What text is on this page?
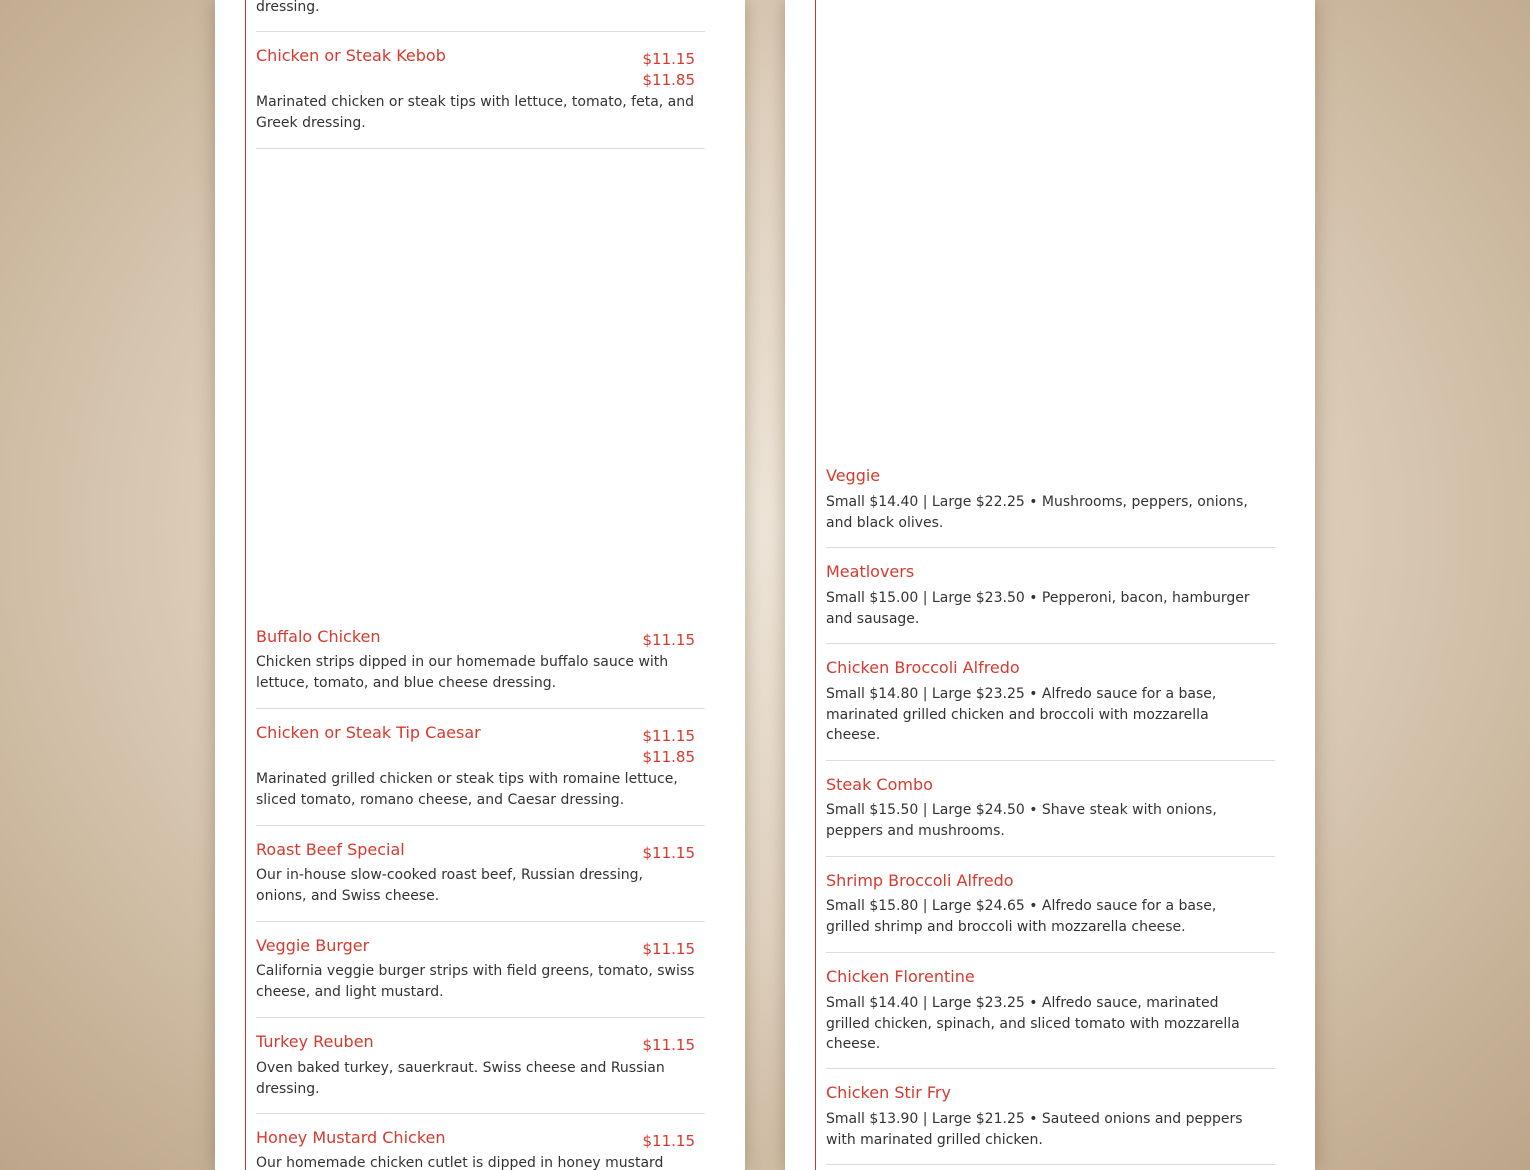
dressing.
Chicken or Steak Kebob	$11.15
$11.85
Marinated chicken or steak tips with lettuce, tomato, feta, and Greek dressing.
Buffalo Chicken	$11.15
Chicken strips dipped in our homemade buffalo sauce with lettuce, tomato, and blue cheese dressing.
Chicken or Steak Tip Caesar	$11.15
$11.85
Marinated grilled chicken or steak tips with romaine lettuce, sliced tomato, romano cheese, and Caesar dressing.
Roast Beef Special	$11.15
Our in-house slow-cooked roast beef, Russian dressing, onions, and Swiss cheese.
Veggie Burger	$11.15
California veggie burger strips with field greens, tomato, swiss cheese, and light mustard.
Turkey Reuben	$11.15
Oven baked turkey, sauerkraut. Swiss cheese and Russian dressing.
Honey Mustard Chicken	$11.15
Our homemade chicken cutlet is dipped in honey mustard
Veggie
Small $14.40 | Large $22.25 • Mushrooms, peppers, onions, and black olives.
Meatlovers
Small $15.00 | Large $23.50 • Pepperoni, bacon, hamburger and sausage.
Chicken Broccoli Alfredo
Small $14.80 | Large $23.25 • Alfredo sauce for a base, marinated grilled chicken and broccoli with mozzarella cheese.
Steak Combo
Small $15.50 | Large $24.50 • Shave steak with onions, peppers and mushrooms.
Shrimp Broccoli Alfredo
Small $15.80 | Large $24.65 • Alfredo sauce for a base, grilled shrimp and broccoli with mozzarella cheese.
Chicken Florentine
Small $14.40 | Large $23.25 • Alfredo sauce, marinated grilled chicken, spinach, and sliced tomato with mozzarella cheese.
Chicken Stir Fry
Small $13.90 | Large $21.25 • Sauteed onions and peppers with marinated grilled chicken.
